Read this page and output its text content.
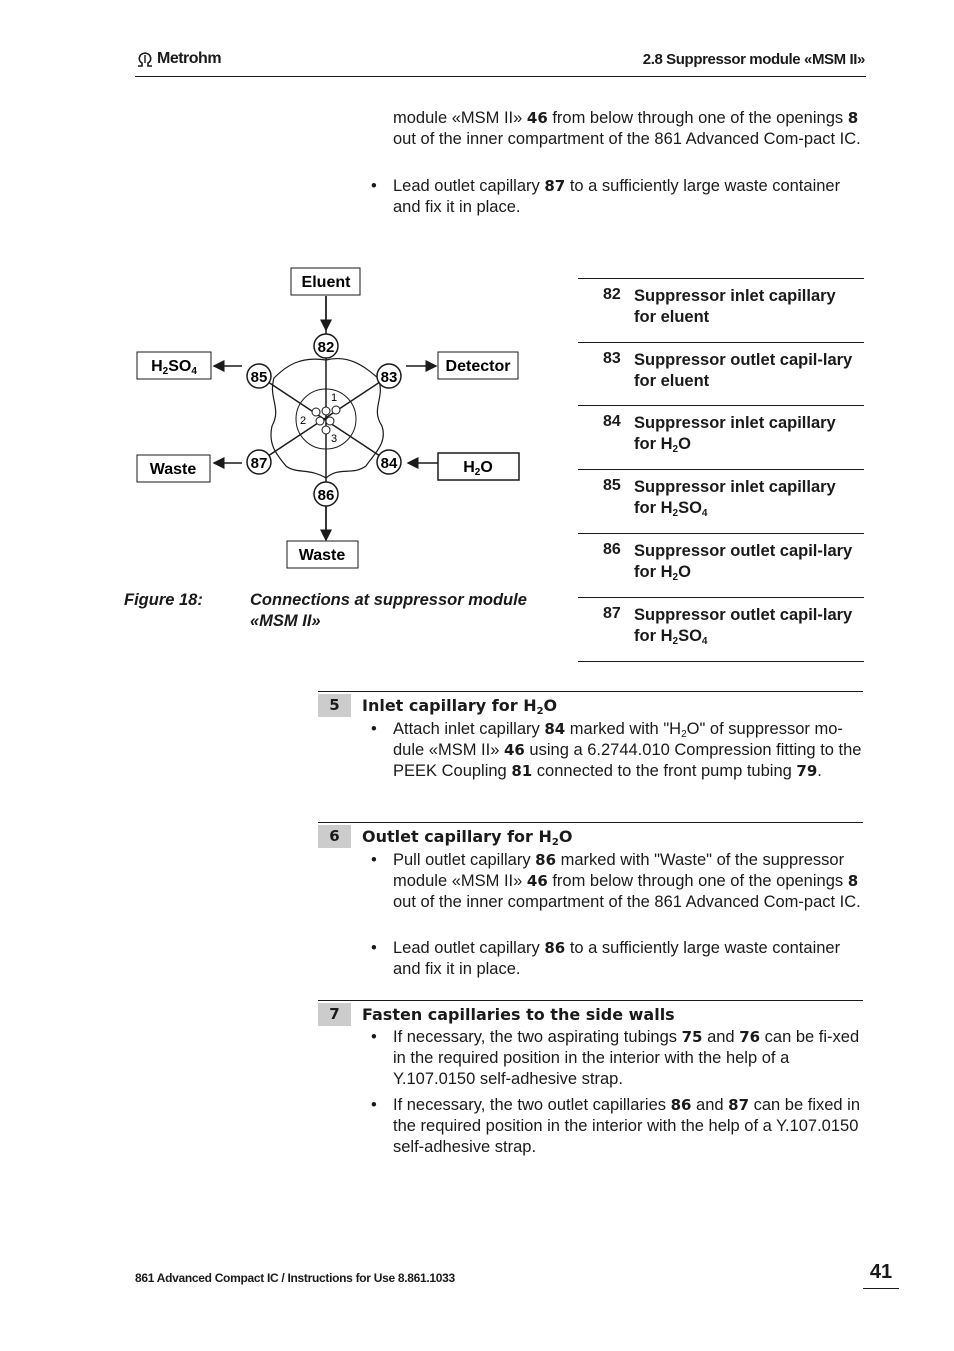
Metrohm	2.8 Suppressor module «MSM II»
module «MSM II» 46 from below through one of the openings 8 out of the inner compartment of the 861 Advanced Com-pact IC.
• Lead outlet capillary 87 to a sufficiently large waste container and fix it in place.
1
2
3
82
83
85
87	84
86
Eluent
Detector
H2SO4
Waste	H2O
Waste
Figure 18:	Connections at suppressor module «MSM II»
82 Suppressor inlet capillary for eluent
83 Suppressor outlet capil-lary for eluent
84 Suppressor inlet capillary for $H_2O$
85 Suppressor inlet capillary for $H_2SO_4$
86 Suppressor outlet capil-lary for $H_2O$
87 Suppressor outlet capil-lary for $H_2SO_4$
5	Inlet capillary for $H_2O$
• Attach inlet capillary 84 marked with "$H_2O$" of suppressor mo-dule «MSM II» 46 using a 6.2744.010 Compression fitting to the PEEK Coupling 81 connected to the front pump tubing 79.
6	Outlet capillary for $H_2O$
• Pull outlet capillary 86 marked with "Waste" of the suppressor module «MSM II» 46 from below through one of the openings 8 out of the inner compartment of the 861 Advanced Com-pact IC.
• Lead outlet capillary 86 to a sufficiently large waste container and fix it in place.
7	Fasten capillaries to the side walls
• If necessary, the two aspirating tubings 75 and 76 can be fi-xed in the required position in the interior with the help of a Y.107.0150 self-adhesive strap.
• If necessary, the two outlet capillaries 86 and 87 can be fixed in the required position in the interior with the help of a Y.107.0150 self-adhesive strap.
861 Advanced Compact IC / Instructions for Use 8.861.1033	41
